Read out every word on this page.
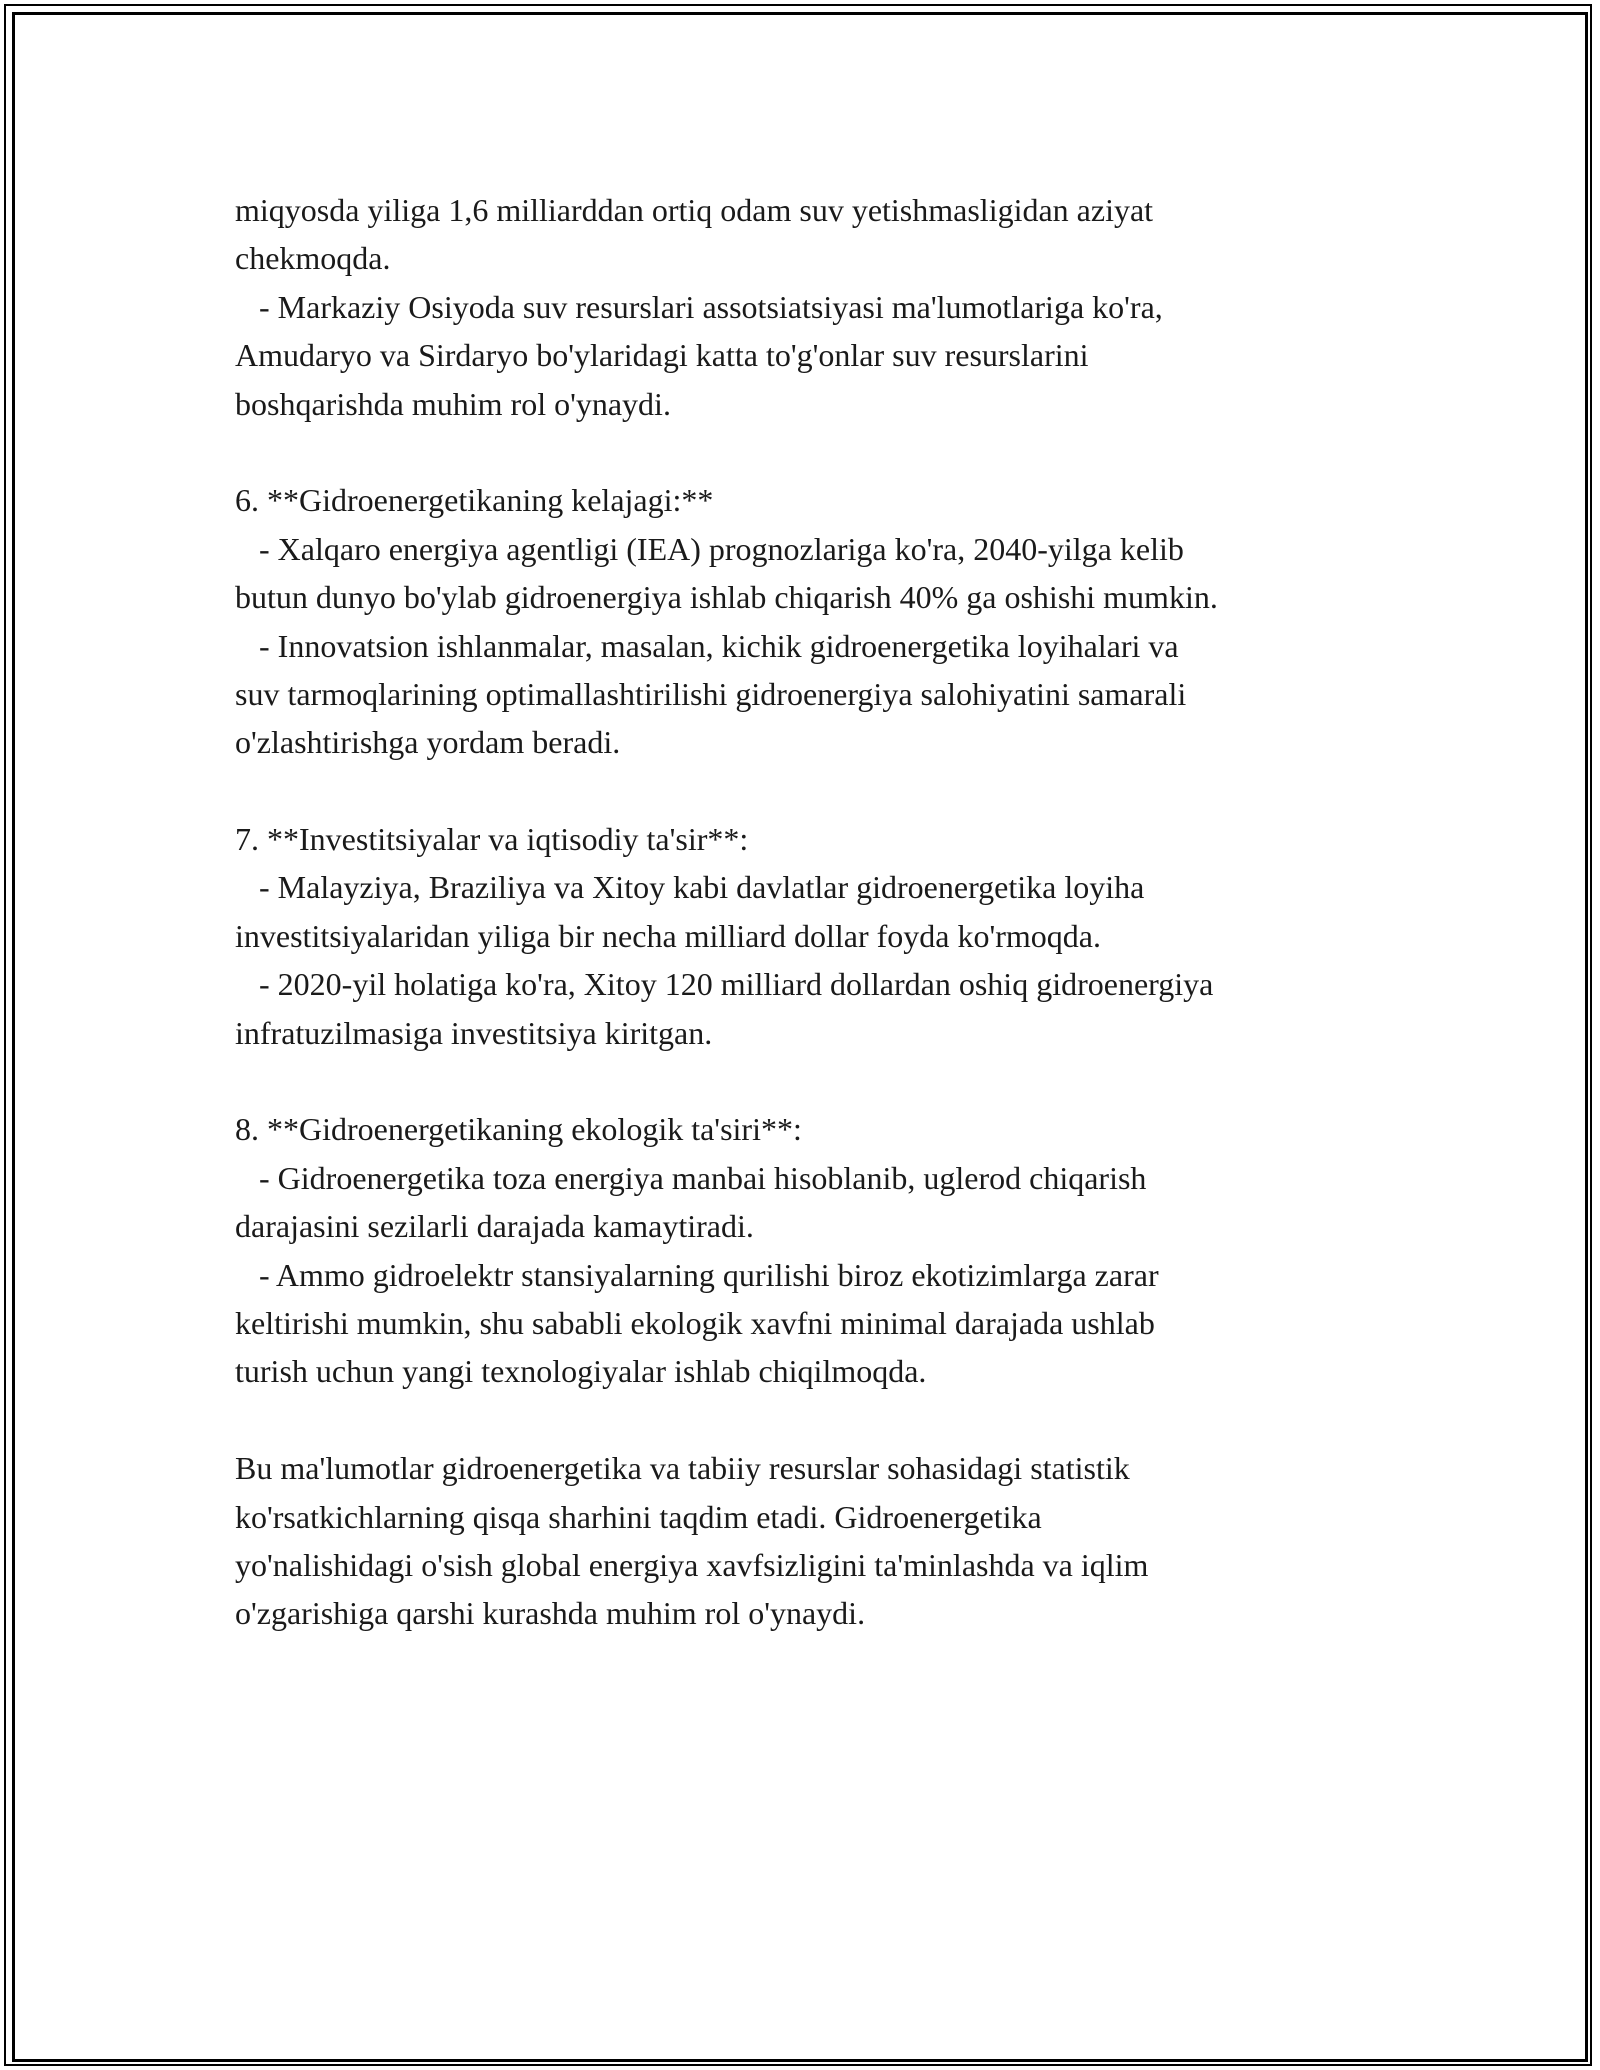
miqyosda yiliga 1,6 milliarddan ortiq odam suv yetishmasligidan aziyat
chekmoqda.
- Markaziy Osiyoda suv resurslari assotsiatsiyasi ma'lumotlariga ko'ra,
Amudaryo va Sirdaryo bo'ylaridagi katta to'g'onlar suv resurslarini
boshqarishda muhim rol o'ynaydi.
6. **Gidroenergetikaning kelajagi:**
- Xalqaro energiya agentligi (IEA) prognozlariga ko'ra, 2040-yilga kelib
butun dunyo bo'ylab gidroenergiya ishlab chiqarish 40% ga oshishi mumkin.
- Innovatsion ishlanmalar, masalan, kichik gidroenergetika loyihalari va
suv tarmoqlarining optimallashtirilishi gidroenergiya salohiyatini samarali
o'zlashtirishga yordam beradi.
7. **Investitsiyalar va iqtisodiy ta'sir**:
- Malayziya, Braziliya va Xitoy kabi davlatlar gidroenergetika loyiha
investitsiyalaridan yiliga bir necha milliard dollar foyda ko'rmoqda.
- 2020-yil holatiga ko'ra, Xitoy 120 milliard dollardan oshiq gidroenergiya
infratuzilmasiga investitsiya kiritgan.
8. **Gidroenergetikaning ekologik ta'siri**:
- Gidroenergetika toza energiya manbai hisoblanib, uglerod chiqarish
darajasini sezilarli darajada kamaytiradi.
- Ammo gidroelektr stansiyalarning qurilishi biroz ekotizimlarga zarar
keltirishi mumkin, shu sababli ekologik xavfni minimal darajada ushlab
turish uchun yangi texnologiyalar ishlab chiqilmoqda.
Bu ma'lumotlar gidroenergetika va tabiiy resurslar sohasidagi statistik
ko'rsatkichlarning qisqa sharhini taqdim etadi. Gidroenergetika
yo'nalishidagi o'sish global energiya xavfsizligini ta'minlashda va iqlim
o'zgarishiga qarshi kurashda muhim rol o'ynaydi.
